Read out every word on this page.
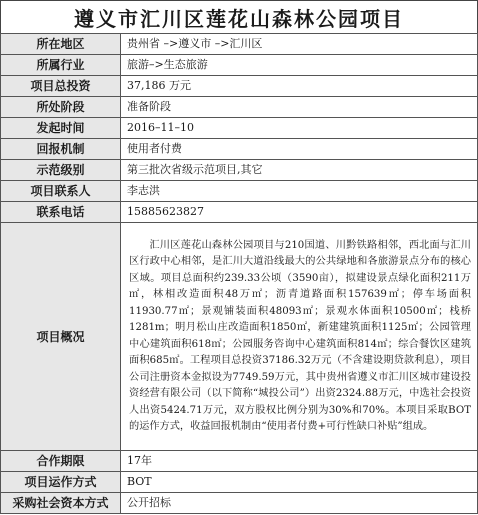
遵义市汇川区莲花山森林公园项目
所在地区	贵州省 –>遵义市 –>汇川区
所属行业	旅游–>生态旅游
项目总投资	37,186 万元
所处阶段	准备阶段
发起时间	2016–11–10
回报机制	使用者付费
示范级别	第三批次省级示范项目,其它
项目联系人	李志洪
联系电话	15885623827
项目概况	汇川区莲花山森林公园项目与210国道、川黔铁路相邻，西北面与汇川区行政中心相邻，是汇川大道沿线最大的公共绿地和各旅游景点分布的核心区域。项目总面积约239.33公顷（3590亩），拟建设景点绿化面积211万㎡，林相改造面积48万㎡；沥青道路面积157639㎡；停车场面积11930.77㎡；景观铺装面积48093㎡；景观水体面积10500㎡；栈桥1281m；明月松山庄改造面积1850㎡，新建建筑面积1125㎡；公园管理中心建筑面积618㎡；公园服务咨询中心建筑面积814㎡；综合餐饮区建筑面积685㎡。工程项目总投资37186.32万元（不含建设期贷款利息），项目公司注册资本金拟设为7749.59万元，其中贵州省遵义市汇川区城市建设投资经营有限公司（以下简称“城投公司”）出资2324.88万元，中选社会投资人出资5424.71万元，双方股权比例分别为30%和70%。本项目采取BOT的运作方式，收益回报机制由“使用者付费+可行性缺口补贴”组成。
合作期限	17年
项目运作方式	BOT
采购社会资本方式	公开招标
